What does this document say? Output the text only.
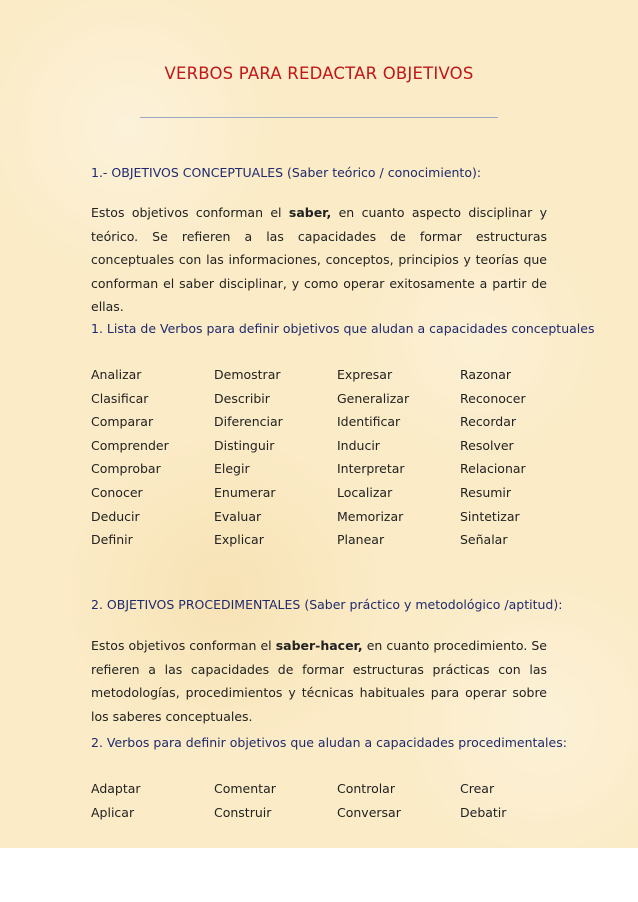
VERBOS PARA REDACTAR OBJETIVOS
1.- OBJETIVOS CONCEPTUALES (Saber teórico / conocimiento):
Estos objetivos conforman el saber, en cuanto aspecto disciplinar y teórico. Se refieren a las capacidades de formar estructuras conceptuales con las informaciones, conceptos, principios y teorías que conforman el saber disciplinar, y como operar exitosamente a partir de ellas.
1. Lista de Verbos para definir objetivos que aludan a capacidades conceptuales
Analizar	Demostrar	Expresar	Razonar
Clasificar	Describir	Generalizar	Reconocer
Comparar	Diferenciar	Identificar	Recordar
Comprender	Distinguir	Inducir	Resolver
Comprobar	Elegir	Interpretar	Relacionar
Conocer	Enumerar	Localizar	Resumir
Deducir	Evaluar	Memorizar	Sintetizar
Definir	Explicar	Planear	Señalar
2. OBJETIVOS PROCEDIMENTALES (Saber práctico y metodológico /aptitud):
Estos objetivos conforman el saber-hacer, en cuanto procedimiento. Se refieren a las capacidades de formar estructuras prácticas con las metodologías, procedimientos y técnicas habituales para operar sobre los saberes conceptuales.
2. Verbos para definir objetivos que aludan a capacidades procedimentales:
Adaptar	Comentar	Controlar	Crear
Aplicar	Construir	Conversar	Debatir
